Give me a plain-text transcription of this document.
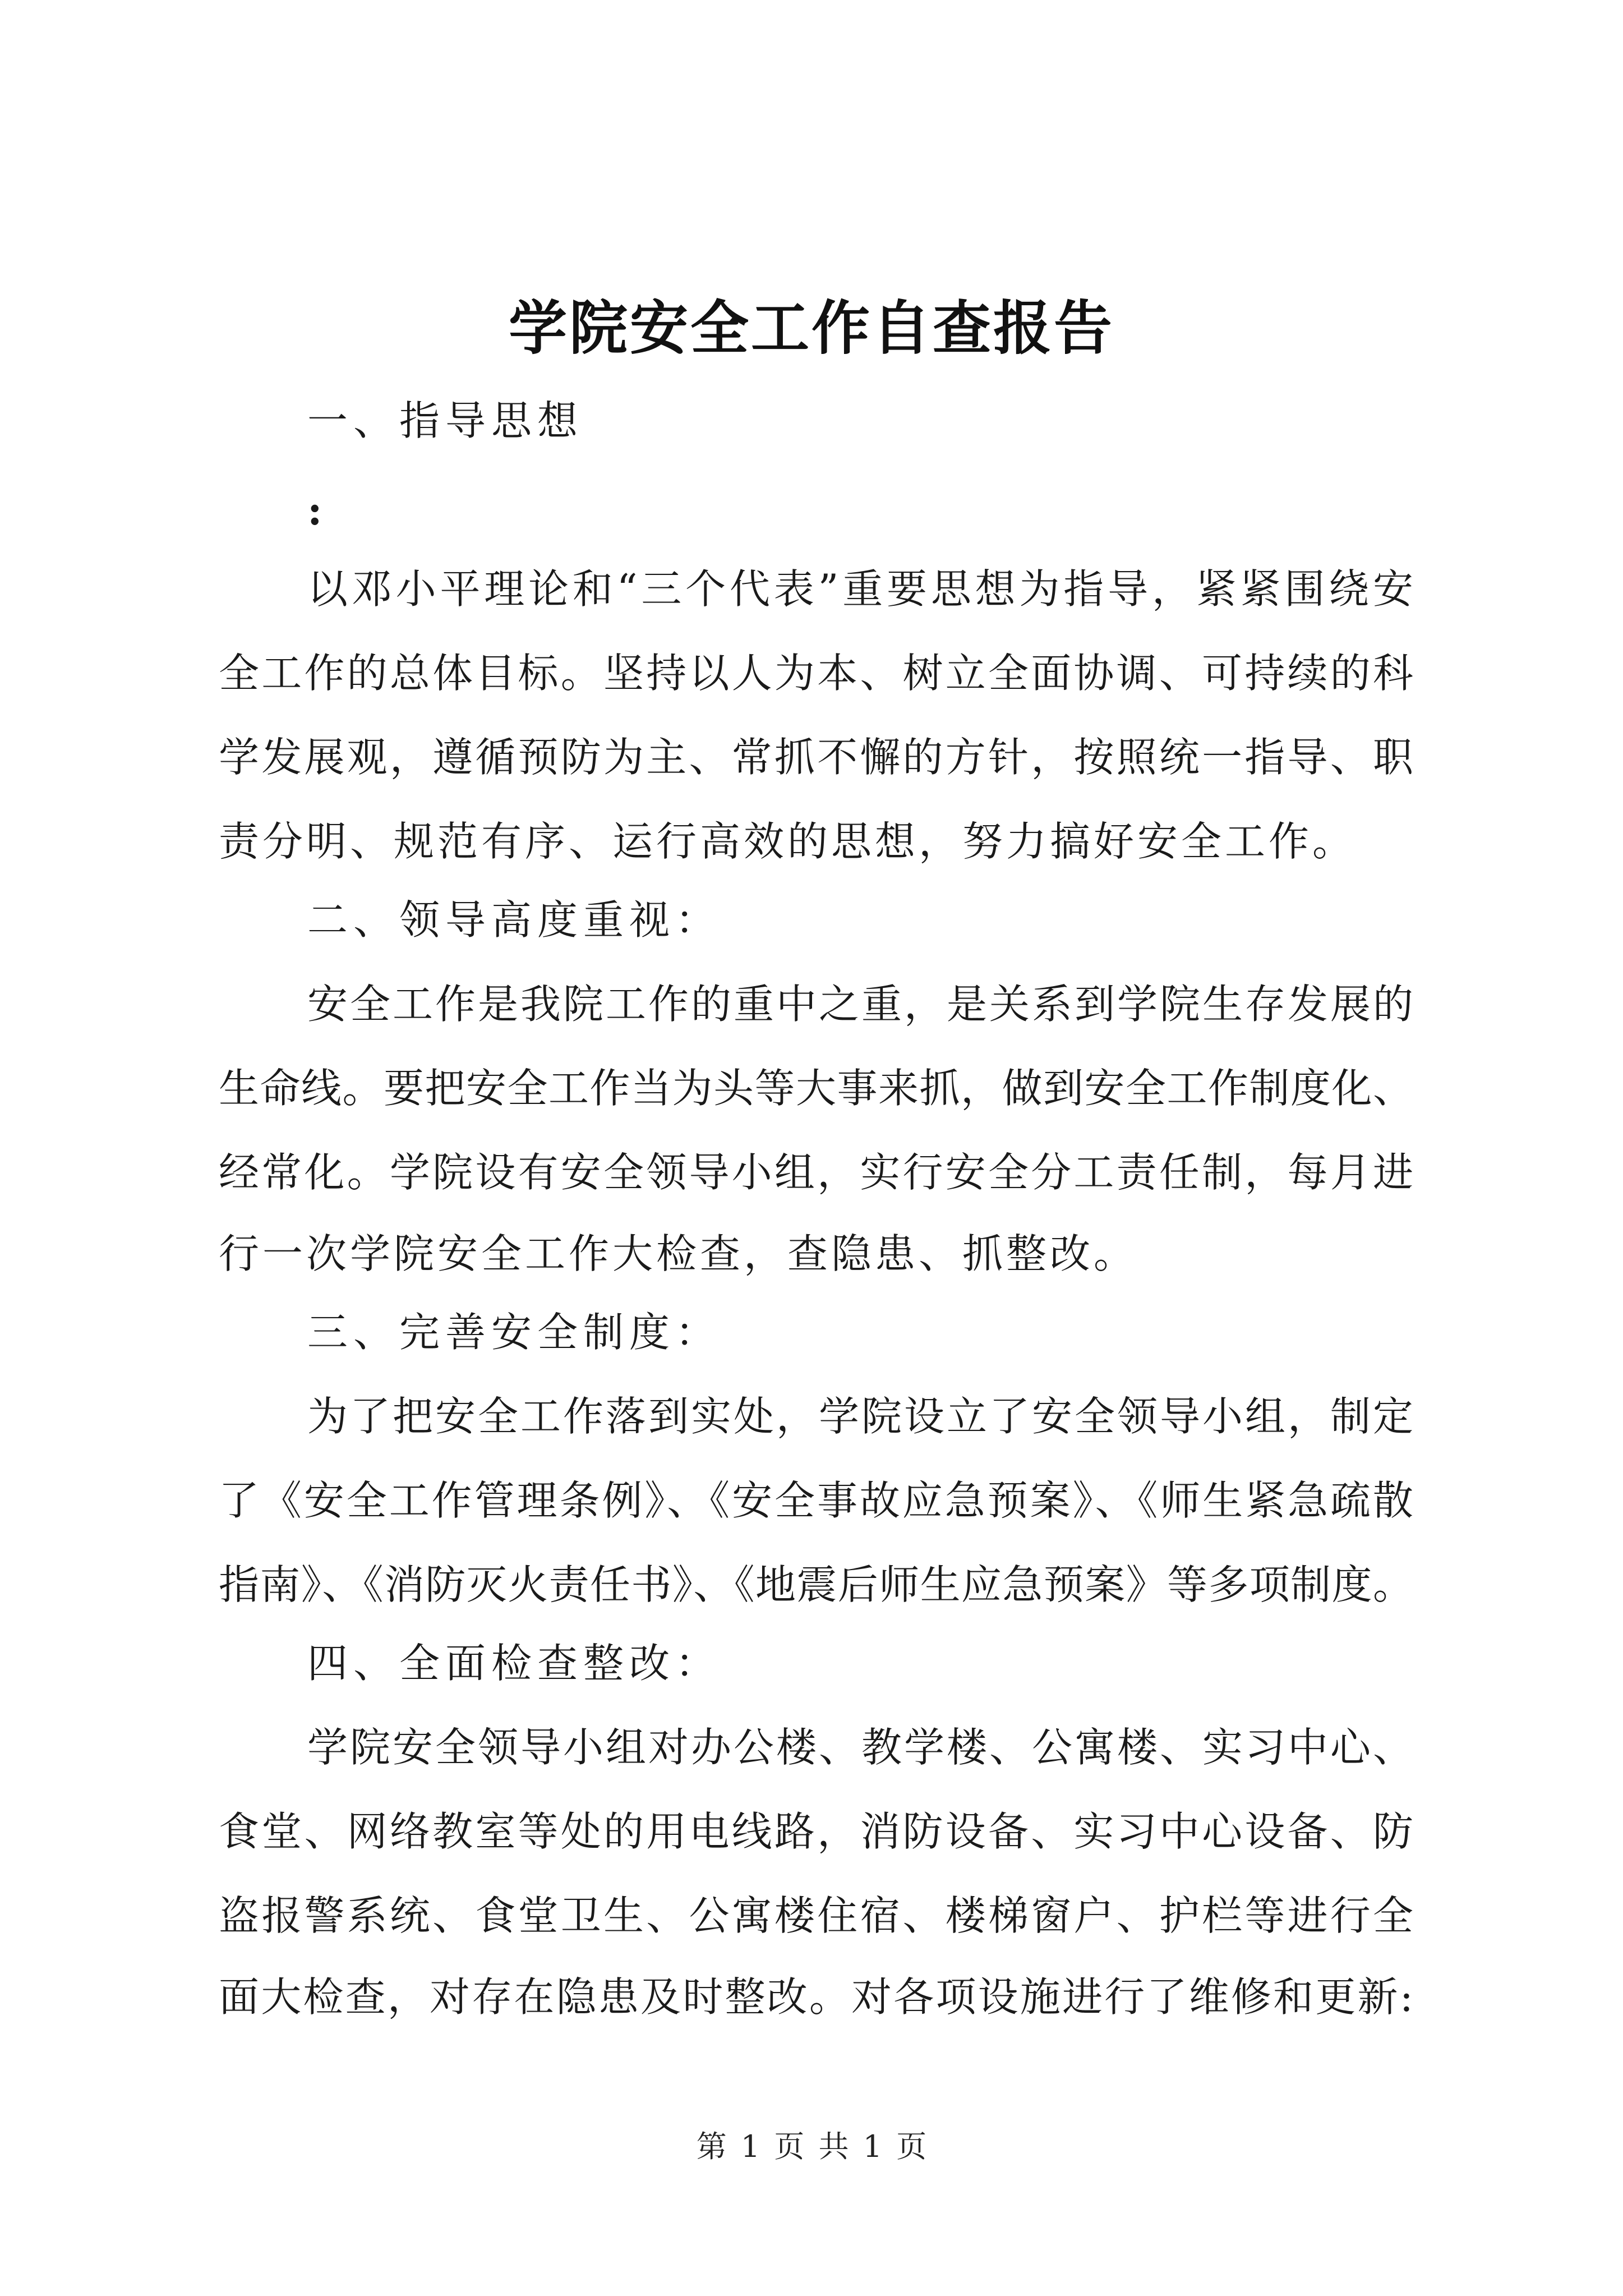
学院安全工作自查报告
一、指导思想
:
以邓小平理论和“三个代表”重要思想为指导，紧紧围绕安
全工作的总体目标。坚持以人为本、树立全面协调、可持续的科
学发展观，遵循预防为主、常抓不懈的方针，按照统一指导、职
责分明、规范有序、运行高效的思想，努力搞好安全工作。
二、领导高度重视：
安全工作是我院工作的重中之重，是关系到学院生存发展的
生命线。要把安全工作当为头等大事来抓，做到安全工作制度化、
经常化。学院设有安全领导小组，实行安全分工责任制，每月进
行一次学院安全工作大检查，查隐患、抓整改。
三、完善安全制度：
为了把安全工作落到实处，学院设立了安全领导小组，制定
了《安全工作管理条例》、《安全事故应急预案》、《师生紧急疏散
指南》、《消防灭火责任书》、《地震后师生应急预案》等多项制度。
四、全面检查整改：
学院安全领导小组对办公楼、教学楼、公寓楼、实习中心、
食堂、网络教室等处的用电线路，消防设备、实习中心设备、防
盗报警系统、食堂卫生、公寓楼住宿、楼梯窗户、护栏等进行全
面大检查，对存在隐患及时整改。对各项设施进行了维修和更新:
第 1 页 共 1 页
